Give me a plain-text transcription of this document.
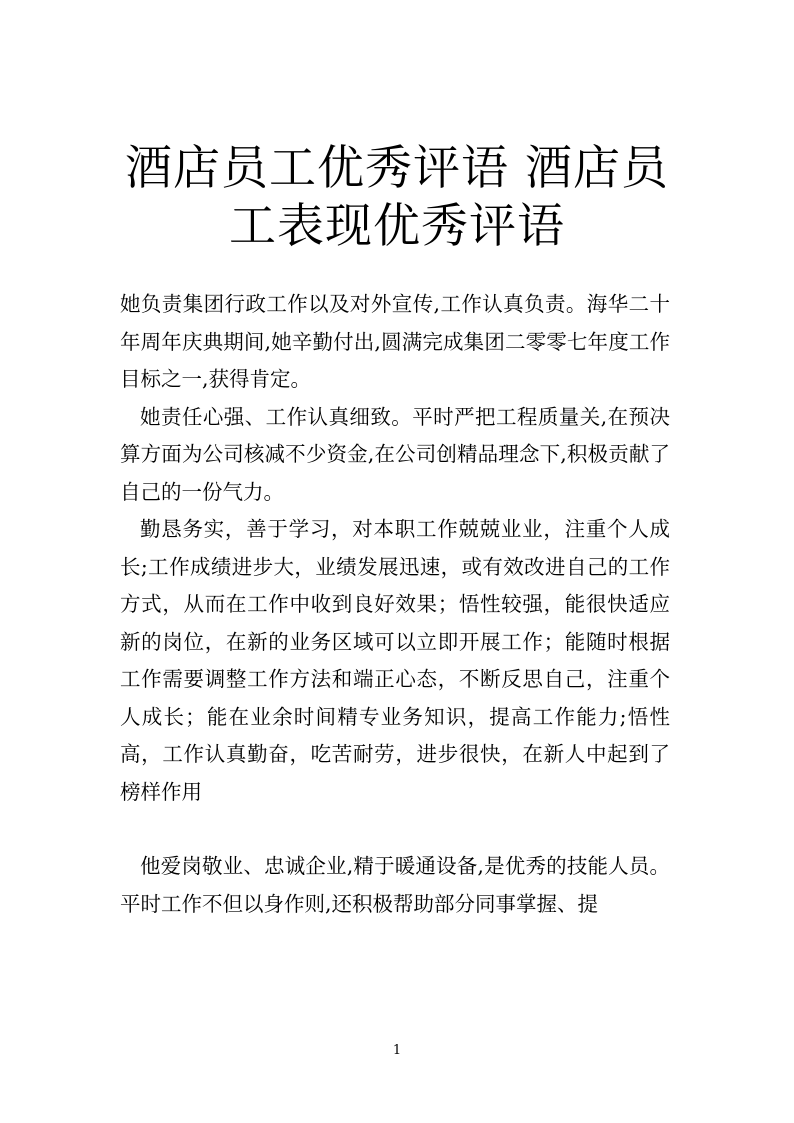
酒店员工优秀评语 酒店员工表现优秀评语

她负责集团行政工作以及对外宣传,工作认真负责。海华二十年周年庆典期间,她辛勤付出,圆满完成集团二零零七年度工作目标之一,获得肯定。

她责任心强、工作认真细致。平时严把工程质量关,在预决算方面为公司核减不少资金,在公司创精品理念下,积极贡献了自己的一份气力。

勤恳务实，善于学习，对本职工作兢兢业业，注重个人成长;工作成绩进步大，业绩发展迅速，或有效改进自己的工作方式，从而在工作中收到良好效果；悟性较强，能很快适应新的岗位，在新的业务区域可以立即开展工作；能随时根据工作需要调整工作方法和端正心态，不断反思自己，注重个人成长；能在业余时间精专业务知识，提高工作能力;悟性高，工作认真勤奋，吃苦耐劳，进步很快，在新人中起到了榜样作用

他爱岗敬业、忠诚企业,精于暖通设备,是优秀的技能人员。平时工作不但以身作则,还积极帮助部分同事掌握、提

1
